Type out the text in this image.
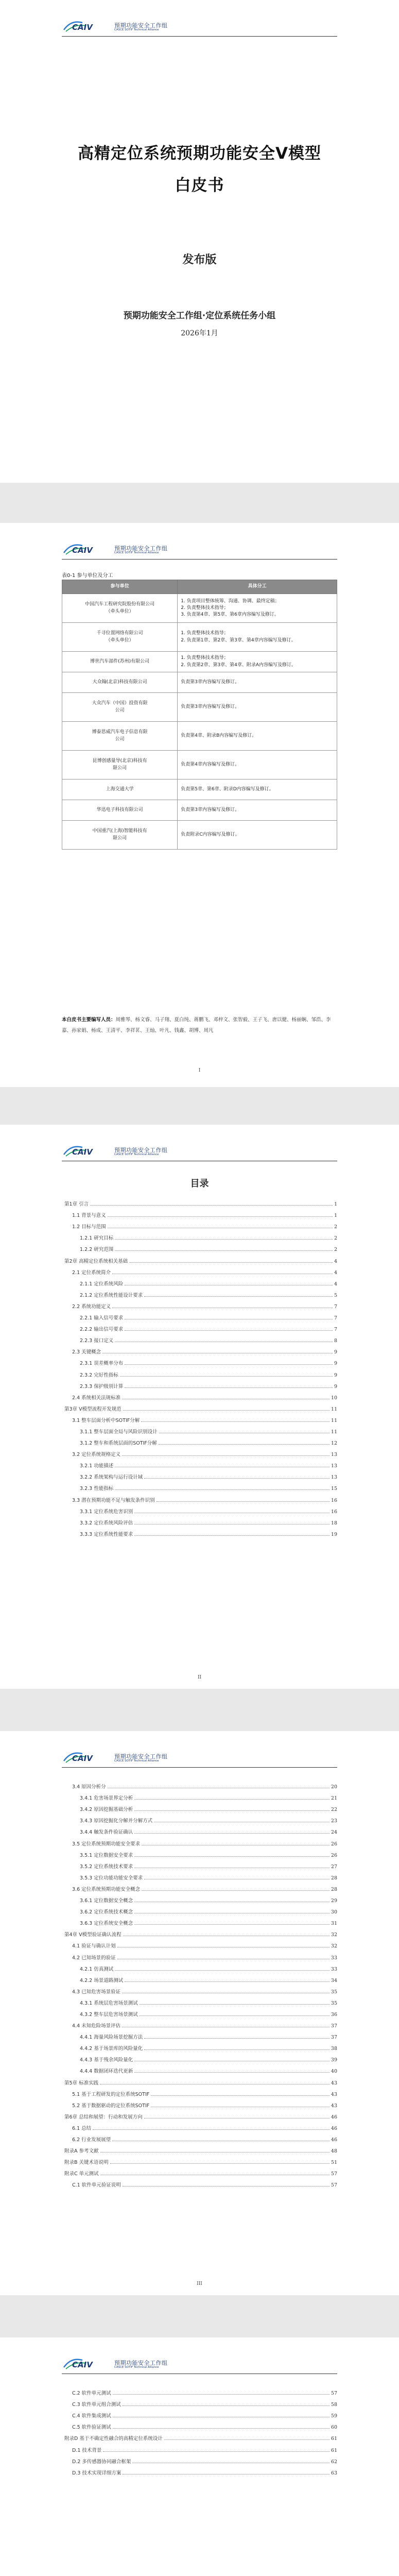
CAIV	预期功能安全工作组
CASCE SOTIF Technical Alliance
高精定位系统预期功能安全V模型
白皮书
发布版
预期功能安全工作组·定位系统任务小组
2026年1月
CAIV	预期功能安全工作组
CASCE SOTIF Technical Alliance
表0-1 参与单位及分工
参与单位	具体分工

中国汽车工程研究院股份有限公司
（牵头单位）	1. 负责项目整体统筹、沟通、协调、最终定稿；
2. 负责整体技术指导；
3. 负责第4章、第5章、第6章内容编写及修订。

千寻位置网络有限公司
（牵头单位）	1. 负责整体技术指导；
2. 负责第1章、第2章、第3章、第4章内容编写及修订。

博世汽车部件(苏州)有限公司	1. 负责整体技术指导；
2. 负责第2章、第3章、第4章、附录A内容编写及修订。

大众翰(北京)科技有限公司	负责第3章内容编写及修订。

大众汽车（中国）投资有限
公司	负责第3章内容编写及修订。

博泰思威汽车电子信息有限
公司	负责第4章、附录B内容编写及修订。

昆博创感量导(北京)科技有
限公司	负责第4章内容编写及修订。

上海交通大学	负责第5章、第6章、附录D内容编写及修订。

华迅电子科技有限公司	负责第3章内容编写及修订。

中国重汽(上海)智能科技有
限公司	负责附录C内容编写及修订。
本白皮书主要编写人员：周雅琴、杨文睿、马子翔、夏白纯、蒋鹏飞、邓梓文、张智毅、王子飞、唐以健、杨丽娴、邹浩、李嘉、孙家娟、杨成、王清平、李祥茗、王灿、叶凡、钱鑫、胡博、周凡
I
CAIV	预期功能安全工作组
CASCE SOTIF Technical Alliance
目录
第1章 引言	1
1.1 背景与意义	1
1.2 目标与范围	2
1.2.1 研究目标	2
1.2.2 研究范围	2
第2章 高精定位系统相关基础	4
2.1 定位系统简介	4
2.1.1 定位系统风险	4
2.1.2 定位系统性能设计要求	5
2.2 系统功能定义	7
2.2.1 输入信号要求	7
2.2.2 输出信号要求	7
2.2.3 接口定义	8
2.3 关键概念	9
2.3.1 误差概率分布	9
2.3.2 完好性指标	9
2.3.3 保护级别计算	9
2.4 系统相关法规标准	10
第3章 V模型流程开发规范	11
3.1 整车层面分析中SOTIF分解	11
3.1.1 整车层面全局与风险识别设计	11
3.1.2 整车和系统层面的SOTIF分解	12
3.2 定位系统规格定义	13
3.2.1 功能描述	13
3.2.2 系统架构与运行设计域	13
3.2.3 性能指标	15
3.3 潜在预期功能不足与触发条件识别	16
3.3.1 定位系统危害识别	16
3.3.2 定位系统风险评估	18
3.3.3 定位系统性能要求	19
II
CAIV	预期功能安全工作组
CASCE SOTIF Technical Alliance
3.4 原因分析分	20
3.4.1 危害场景界定分析	21
3.4.2 原因挖掘基础分析	22
3.4.3 原因挖掘化分解并分解方式	23
3.4.4 触发条件验证确认	24
3.5 定位系统预期功能安全要求	26
3.5.1 定位数据安全要求	26
3.5.2 定位系统技术要求	27
3.5.3 定位功能功能安全要求	28
3.6 定位系统预期功能安全概念	28
3.6.1 定位数据安全概念	29
3.6.2 定位系统技术概念	30
3.6.3 定位系统安全概念	31
第4章 V模型验证确认流程	32
4.1 验证与确认计划	32
4.2 已知场景的验证	33
4.2.1 仿真测试	33
4.2.2 场景道路测试	34
4.3 已知危害场景验证	35
4.3.1 系统层危害场景测试	35
4.3.2 整车层危害场景测试	36
4.4 未知危险场景评估	37
4.4.1 海量风险场景挖掘方法	37
4.4.2 基于场景库的风险量化	38
4.4.3 基于残余风险量化	39
4.4.4 数据闭环迭代更新	40
第5章 标准实践	43
5.1 基于工程研发的定位系统SOTIF	43
5.2 基于数据驱动的定位系统SOTIF	43
第6章 总结和展望：行动和发展方向	46
6.1 总结	46
6.2 行业发展展望	46
附录A 参考文献	48
附录B 关键术语说明	51
附录C 单元测试	57
C.1 软件单元验证说明	57
III
CAIV	预期功能安全工作组
CASCE SOTIF Technical Alliance
C.2 软件单元测试	57
C.3 软件单元组合测试	58
C.4 软件集成测试	59
C.5 软件验证测试	60
附录D 基于不确定性融合的高精定位系统设计	61
D.1 技术背景	61
D.2 多传感器协同融合框架	62
D.3 技术实现详细方案	63
